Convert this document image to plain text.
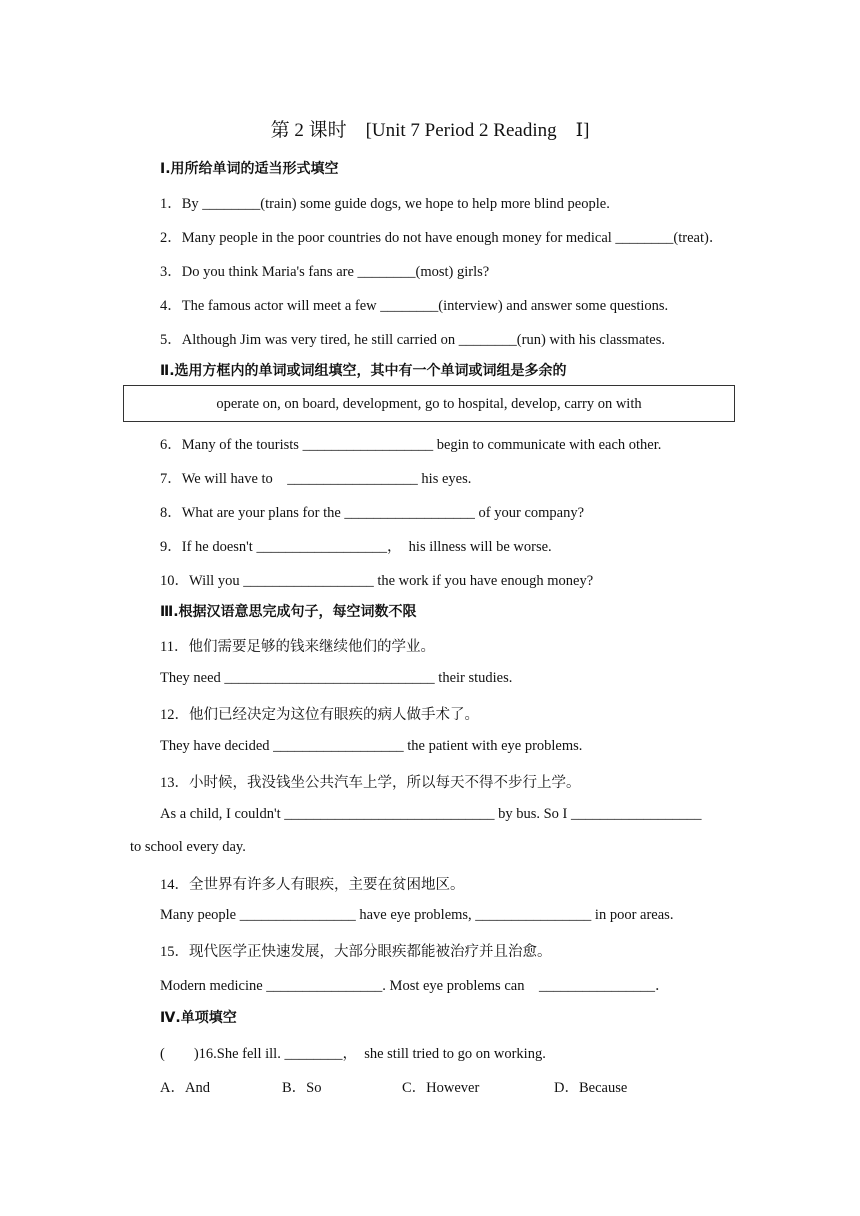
第 2 课时　[Unit 7 Period 2 Reading　Ⅰ]
Ⅰ.用所给单词的适当形式填空
1．By ________(train) some guide dogs, we hope to help more blind people.
2．Many people in the poor countries do not have enough money for medical ________(treat)．
3．Do you think Maria's fans are ________(most) girls?
4．The famous actor will meet a few ________(interview) and answer some questions.
5．Although Jim was very tired, he still carried on ________(run) with his classmates.
Ⅱ.选用方框内的单词或词组填空，其中有一个单词或词组是多余的
operate on, on board, development, go to hospital, develop, carry on with
6．Many of the tourists __________________ begin to communicate with each other.
7．We will have to　__________________ his eyes.
8．What are your plans for the __________________ of your company?
9．If he doesn't __________________，　his illness will be worse.
10．Will you __________________ the work if you have enough money?
Ⅲ.根据汉语意思完成句子，每空词数不限
11．他们需要足够的钱来继续他们的学业。
They need _____________________________ their studies.
12．他们已经决定为这位有眼疾的病人做手术了。
They have decided __________________ the patient with eye problems.
13．小时候，我没钱坐公共汽车上学，所以每天不得不步行上学。
As a child, I couldn't _____________________________ by bus. So I __________________
to school every day.
14．全世界有许多人有眼疾，主要在贫困地区。
Many people ________________ have eye problems, ________________ in poor areas.
15．现代医学正快速发展，大部分眼疾都能被治疗并且治愈。
Modern medicine ________________. Most eye problems can　________________．
Ⅳ.单项填空
(　　)16.She fell ill. ________，　she still tried to go on working.
A．And	B．So	C．However	D．Because
